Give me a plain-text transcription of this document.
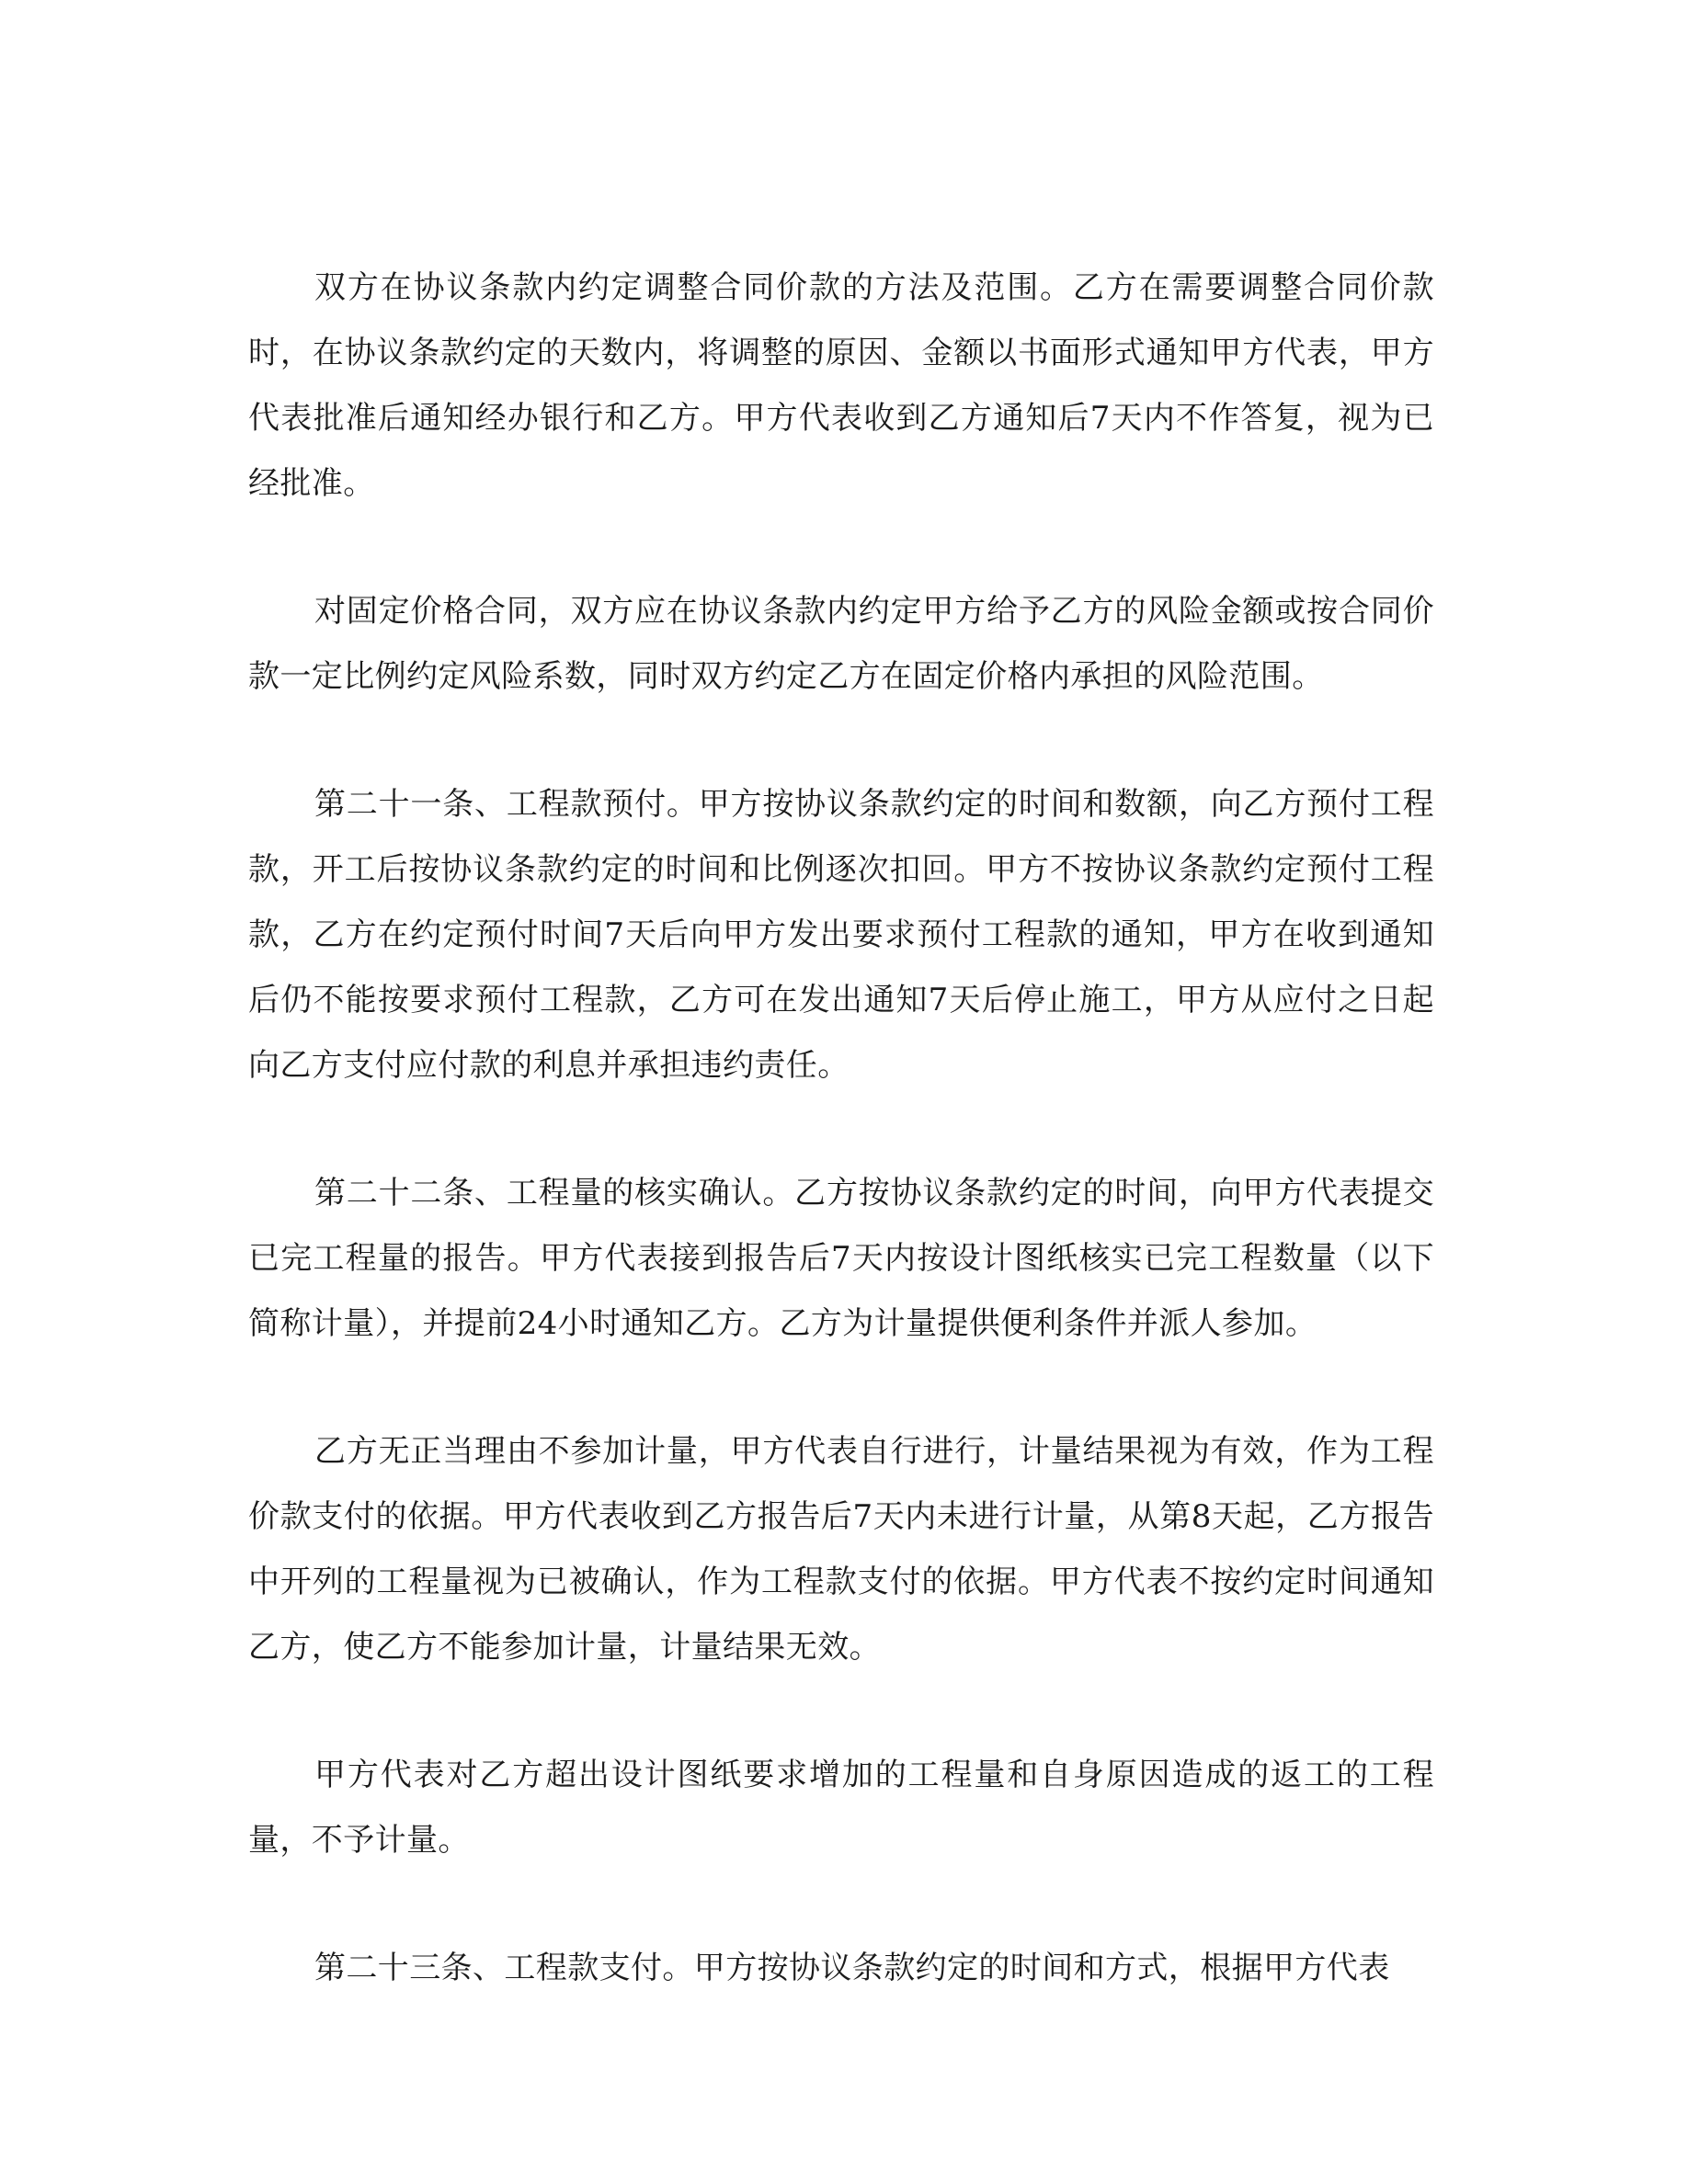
双方在协议条款内约定调整合同价款的方法及范围。乙方在需要调整合同价款时，在协议条款约定的天数内，将调整的原因、金额以书面形式通知甲方代表，甲方代表批准后通知经办银行和乙方。甲方代表收到乙方通知后7天内不作答复，视为已经批准。

对固定价格合同，双方应在协议条款内约定甲方给予乙方的风险金额或按合同价款一定比例约定风险系数，同时双方约定乙方在固定价格内承担的风险范围。

第二十一条、工程款预付。甲方按协议条款约定的时间和数额，向乙方预付工程款，开工后按协议条款约定的时间和比例逐次扣回。甲方不按协议条款约定预付工程款，乙方在约定预付时间7天后向甲方发出要求预付工程款的通知，甲方在收到通知后仍不能按要求预付工程款，乙方可在发出通知7天后停止施工，甲方从应付之日起向乙方支付应付款的利息并承担违约责任。

第二十二条、工程量的核实确认。乙方按协议条款约定的时间，向甲方代表提交已完工程量的报告。甲方代表接到报告后7天内按设计图纸核实已完工程数量（以下简称计量），并提前24小时通知乙方。乙方为计量提供便利条件并派人参加。

乙方无正当理由不参加计量，甲方代表自行进行，计量结果视为有效，作为工程价款支付的依据。甲方代表收到乙方报告后7天内未进行计量，从第8天起，乙方报告中开列的工程量视为已被确认，作为工程款支付的依据。甲方代表不按约定时间通知乙方，使乙方不能参加计量，计量结果无效。

甲方代表对乙方超出设计图纸要求增加的工程量和自身原因造成的返工的工程量，不予计量。

第二十三条、工程款支付。甲方按协议条款约定的时间和方式，根据甲方代表
